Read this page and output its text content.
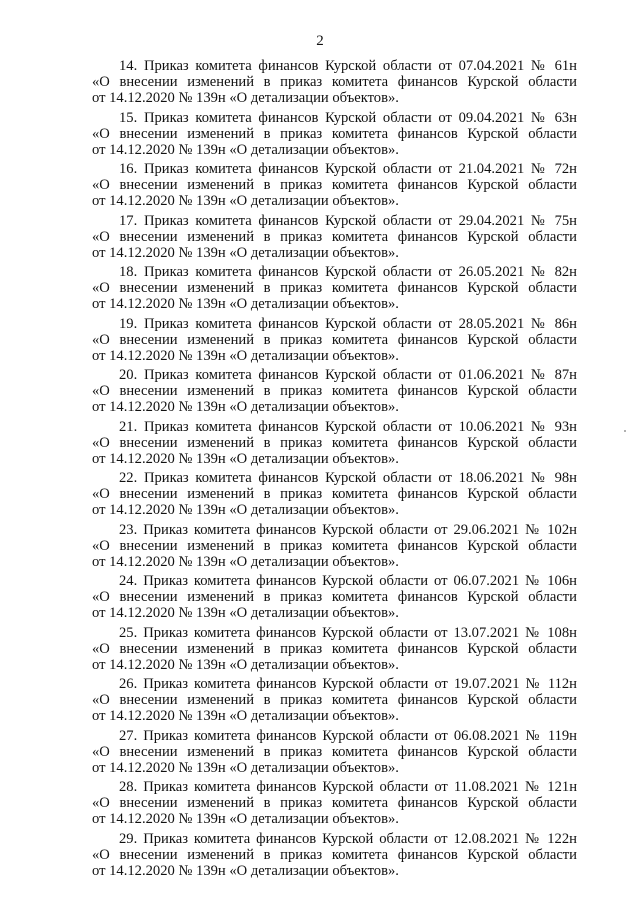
2

14. Приказ комитета финансов Курской области от 07.04.2021 № 61н

«О внесении изменений в приказ комитета финансов Курской области

от 14.12.2020 № 139н «О детализации объектов».

15. Приказ комитета финансов Курской области от 09.04.2021 № 63н

«О внесении изменений в приказ комитета финансов Курской области

от 14.12.2020 № 139н «О детализации объектов».

16. Приказ комитета финансов Курской области от 21.04.2021 № 72н

«О внесении изменений в приказ комитета финансов Курской области

от 14.12.2020 № 139н «О детализации объектов».

17. Приказ комитета финансов Курской области от 29.04.2021 № 75н

«О внесении изменений в приказ комитета финансов Курской области

от 14.12.2020 № 139н «О детализации объектов».

18. Приказ комитета финансов Курской области от 26.05.2021 № 82н

«О внесении изменений в приказ комитета финансов Курской области

от 14.12.2020 № 139н «О детализации объектов».

19. Приказ комитета финансов Курской области от 28.05.2021 № 86н

«О внесении изменений в приказ комитета финансов Курской области

от 14.12.2020 № 139н «О детализации объектов».

20. Приказ комитета финансов Курской области от 01.06.2021 № 87н

«О внесении изменений в приказ комитета финансов Курской области

от 14.12.2020 № 139н «О детализации объектов».

21. Приказ комитета финансов Курской области от 10.06.2021 № 93н

«О внесении изменений в приказ комитета финансов Курской области

от 14.12.2020 № 139н «О детализации объектов».

22. Приказ комитета финансов Курской области от 18.06.2021 № 98н

«О внесении изменений в приказ комитета финансов Курской области

от 14.12.2020 № 139н «О детализации объектов».

23. Приказ комитета финансов Курской области от 29.06.2021 № 102н

«О внесении изменений в приказ комитета финансов Курской области

от 14.12.2020 № 139н «О детализации объектов».

24. Приказ комитета финансов Курской области от 06.07.2021 № 106н

«О внесении изменений в приказ комитета финансов Курской области

от 14.12.2020 № 139н «О детализации объектов».

25. Приказ комитета финансов Курской области от 13.07.2021 № 108н

«О внесении изменений в приказ комитета финансов Курской области

от 14.12.2020 № 139н «О детализации объектов».

26. Приказ комитета финансов Курской области от 19.07.2021 № 112н

«О внесении изменений в приказ комитета финансов Курской области

от 14.12.2020 № 139н «О детализации объектов».

27. Приказ комитета финансов Курской области от 06.08.2021 № 119н

«О внесении изменений в приказ комитета финансов Курской области

от 14.12.2020 № 139н «О детализации объектов».

28. Приказ комитета финансов Курской области от 11.08.2021 № 121н

«О внесении изменений в приказ комитета финансов Курской области

от 14.12.2020 № 139н «О детализации объектов».

29. Приказ комитета финансов Курской области от 12.08.2021 № 122н

«О внесении изменений в приказ комитета финансов Курской области

от 14.12.2020 № 139н «О детализации объектов».
